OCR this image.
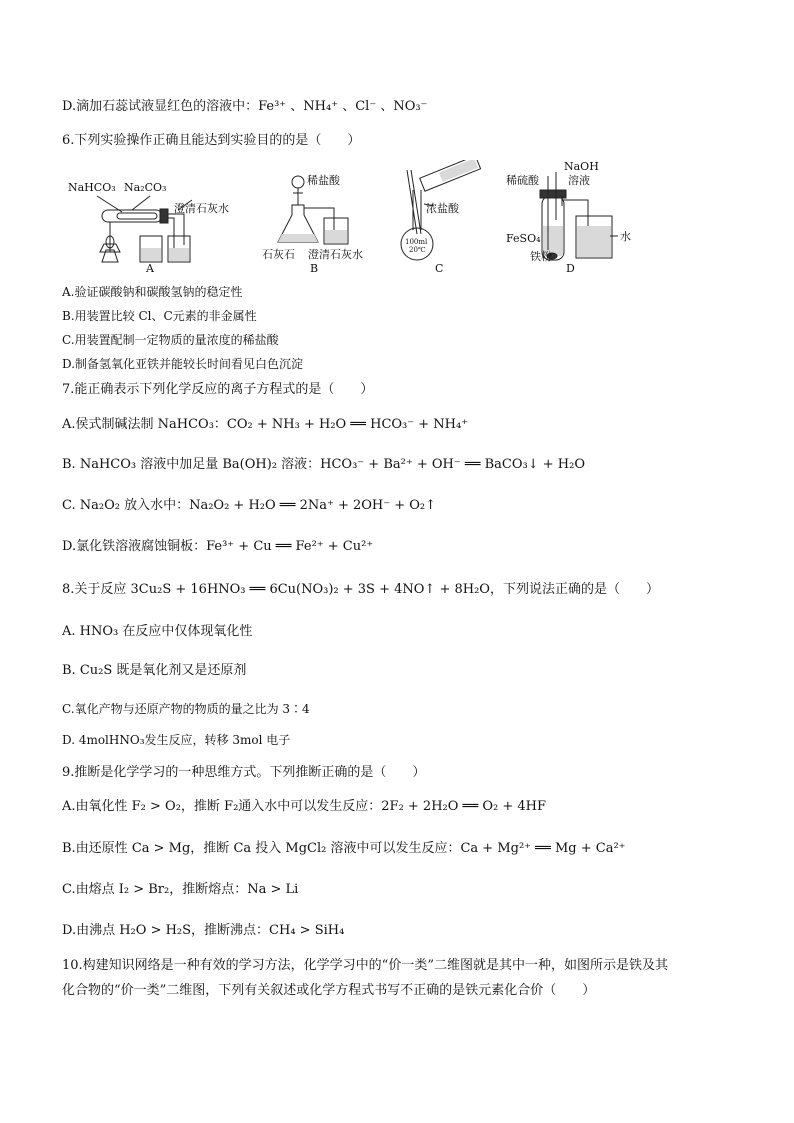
D.滴加石蕊试液显红色的溶液中：Fe³⁺ 、NH₄⁺ 、Cl⁻ 、NO₃⁻
6.下列实验操作正确且能达到实验目的的是（　　）
NaHCO₃ Na₂CO₃
澄清石灰水
A
稀盐酸
石灰石 澄清石灰水
B
浓盐酸
100ml
20℃
C
NaOH
溶液
稀硫酸
水
FeSO₄
铁粉
D
A.验证碳酸钠和碳酸氢钠的稳定性
B.用装置比较 Cl、C元素的非金属性
C.用装置配制一定物质的量浓度的稀盐酸
D.制备氢氧化亚铁并能较长时间看见白色沉淀
7.能正确表示下列化学反应的离子方程式的是（　　）
A.侯式制碱法制 NaHCO₃：CO₂ + NH₃ + H₂O ══ HCO₃⁻ + NH₄⁺
B. NaHCO₃ 溶液中加足量 Ba(OH)₂ 溶液：HCO₃⁻ + Ba²⁺ + OH⁻ ══ BaCO₃↓ + H₂O
C. Na₂O₂ 放入水中：Na₂O₂ + H₂O ══ 2Na⁺ + 2OH⁻ + O₂↑
D.氯化铁溶液腐蚀铜板：Fe³⁺ + Cu ══ Fe²⁺ + Cu²⁺
8.关于反应 3Cu₂S + 16HNO₃ ══ 6Cu(NO₃)₂ + 3S + 4NO↑ + 8H₂O，下列说法正确的是（　　）
A. HNO₃ 在反应中仅体现氧化性
B. Cu₂S 既是氧化剂又是还原剂
C.氧化产物与还原产物的物质的量之比为 3∶4
D. 4molHNO₃发生反应，转移 3mol 电子
9.推断是化学学习的一种思维方式。下列推断正确的是（　　）
A.由氧化性 F₂ > O₂，推断 F₂通入水中可以发生反应：2F₂ + 2H₂O ══ O₂ + 4HF
B.由还原性 Ca > Mg，推断 Ca 投入 MgCl₂ 溶液中可以发生反应：Ca + Mg²⁺ ══ Mg + Ca²⁺
C.由熔点 I₂ > Br₂，推断熔点：Na > Li
D.由沸点 H₂O > H₂S，推断沸点：CH₄ > SiH₄
10.构建知识网络是一种有效的学习方法，化学学习中的“价一类”二维图就是其中一种，如图所示是铁及其
化合物的“价一类”二维图，下列有关叙述或化学方程式书写不正确的是铁元素化合价（　　）
